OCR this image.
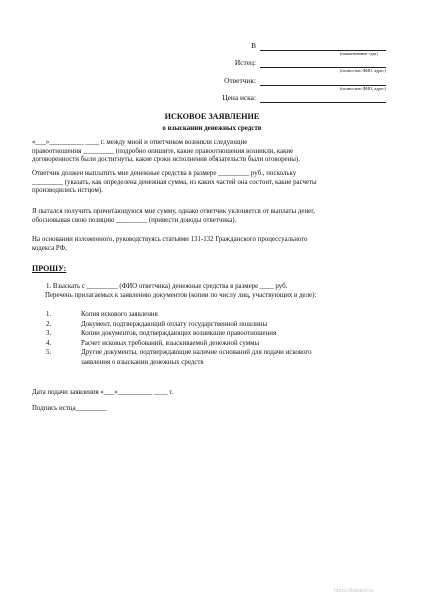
В
(наименование суда)
Истец:
(полностью ФИО, адрес)
Ответчик:
(полностью ФИО, адрес)
Цена иска:
ИСКОВОЕ ЗАЯВЛЕНИЕ
о взыскании денежных средств
«___»__________ ____ г. между мной и ответчиком возникли следующие
правоотношения _________ (подробно опишите, какие правоотношения возникли, какие
договоренности были достигнуты, какие сроки исполнения обязательств были оговорены).
Ответчик должен выплатить мне денежные средства в размере _________ руб., поскольку
_________ (указать, как определена денежная сумма, из каких частей она состоит, какие расчеты
производились истцом).
Я пытался получить причитающуюся мне сумму, однако ответчик уклоняется от выплаты денег,
обосновывая свою позицию _________ (привести доводы ответчика).
На основании изложенного, руководствуясь статьями 131-132 Гражданского процессуального
кодекса РФ,
ПРОШУ:
1. Взыскать с _________ (ФИО ответчика) денежные средства в размере ____ руб.
Перечень прилагаемых к заявлению документов (копии по числу лиц, участвующих в деле):
1.	Копия искового заявления
2.	Документ, подтверждающий оплату государственной пошлины
3.	Копии документов, подтверждающих возникшие правоотношения
4.	Расчет исковых требований, взыскиваемой денежной суммы
5.	Другие документы, подтверждающие наличие оснований для подачи искового
заявления о взыскании денежных средств
Дата подачи заявления «___»__________ ____ г.
Подпись истца_________
https://bankof.ru
